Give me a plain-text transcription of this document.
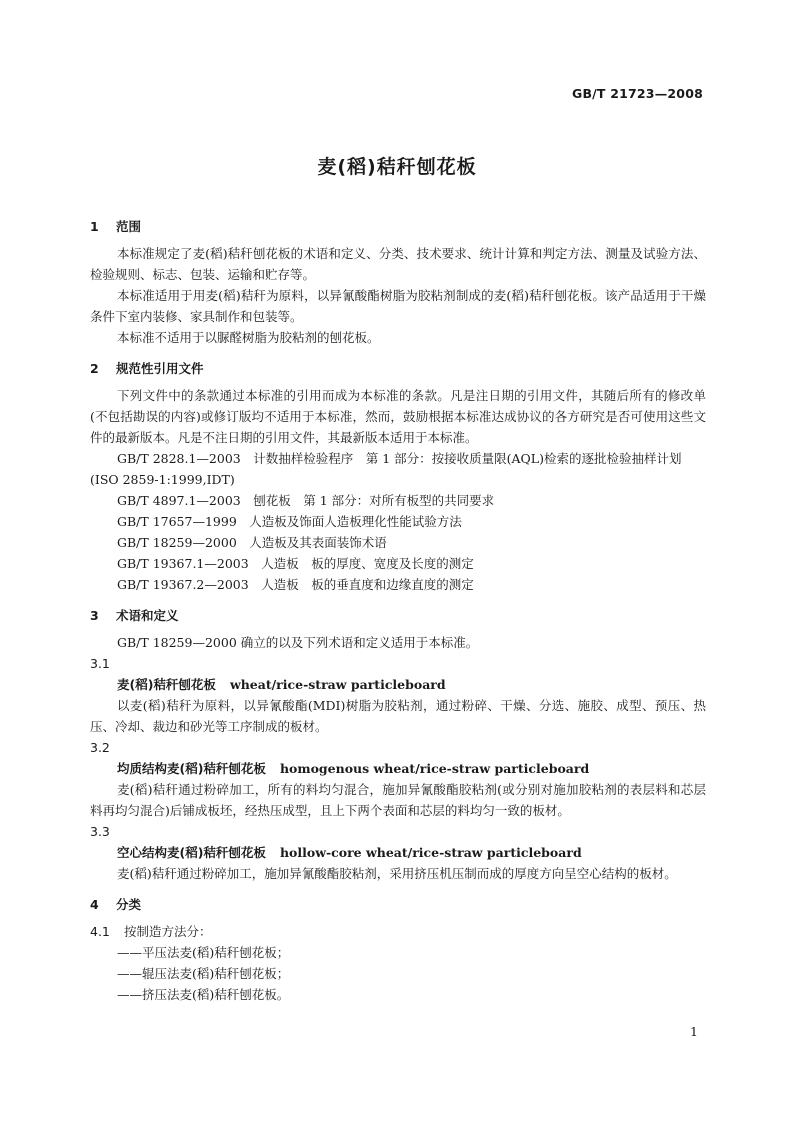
GB/T 21723—2008
麦(稻)秸秆刨花板
1 范围

本标准规定了麦(稻)秸秆刨花板的术语和定义、分类、技术要求、统计计算和判定方法、测量及试验方法、检验规则、标志、包装、运输和贮存等。

本标准适用于用麦(稻)秸秆为原料，以异氰酸酯树脂为胶粘剂制成的麦(稻)秸秆刨花板。该产品适用于干燥条件下室内装修、家具制作和包装等。

本标准不适用于以脲醛树脂为胶粘剂的刨花板。

2 规范性引用文件

下列文件中的条款通过本标准的引用而成为本标准的条款。凡是注日期的引用文件，其随后所有的修改单(不包括勘误的内容)或修订版均不适用于本标准，然而，鼓励根据本标准达成协议的各方研究是否可使用这些文件的最新版本。凡是不注日期的引用文件，其最新版本适用于本标准。

GB/T 2828.1—2003　计数抽样检验程序　第 1 部分：按接收质量限(AQL)检索的逐批检验抽样计划(ISO 2859-1:1999,IDT)

GB/T 4897.1—2003　刨花板　第 1 部分：对所有板型的共同要求

GB/T 17657—1999　人造板及饰面人造板理化性能试验方法

GB/T 18259—2000　人造板及其表面装饰术语

GB/T 19367.1—2003　人造板　板的厚度、宽度及长度的测定

GB/T 19367.2—2003　人造板　板的垂直度和边缘直度的测定

3 术语和定义

GB/T 18259—2000 确立的以及下列术语和定义适用于本标准。

3.1

麦(稻)秸秆刨花板 wheat/rice-straw particleboard

以麦(稻)秸秆为原料，以异氰酸酯(MDI)树脂为胶粘剂，通过粉碎、干燥、分选、施胶、成型、预压、热压、冷却、裁边和砂光等工序制成的板材。

3.2

均质结构麦(稻)秸秆刨花板 homogenous wheat/rice-straw particleboard

麦(稻)秸秆通过粉碎加工，所有的料均匀混合，施加异氰酸酯胶粘剂(或分别对施加胶粘剂的表层料和芯层料再均匀混合)后铺成板坯，经热压成型，且上下两个表面和芯层的料均匀一致的板材。

3.3

空心结构麦(稻)秸秆刨花板 hollow-core wheat/rice-straw particleboard

麦(稻)秸秆通过粉碎加工，施加异氰酸酯胶粘剂，采用挤压机压制而成的厚度方向呈空心结构的板材。

4 分类

4.1 按制造方法分：

——平压法麦(稻)秸秆刨花板；

——辊压法麦(稻)秸秆刨花板；

——挤压法麦(稻)秸秆刨花板。

1
